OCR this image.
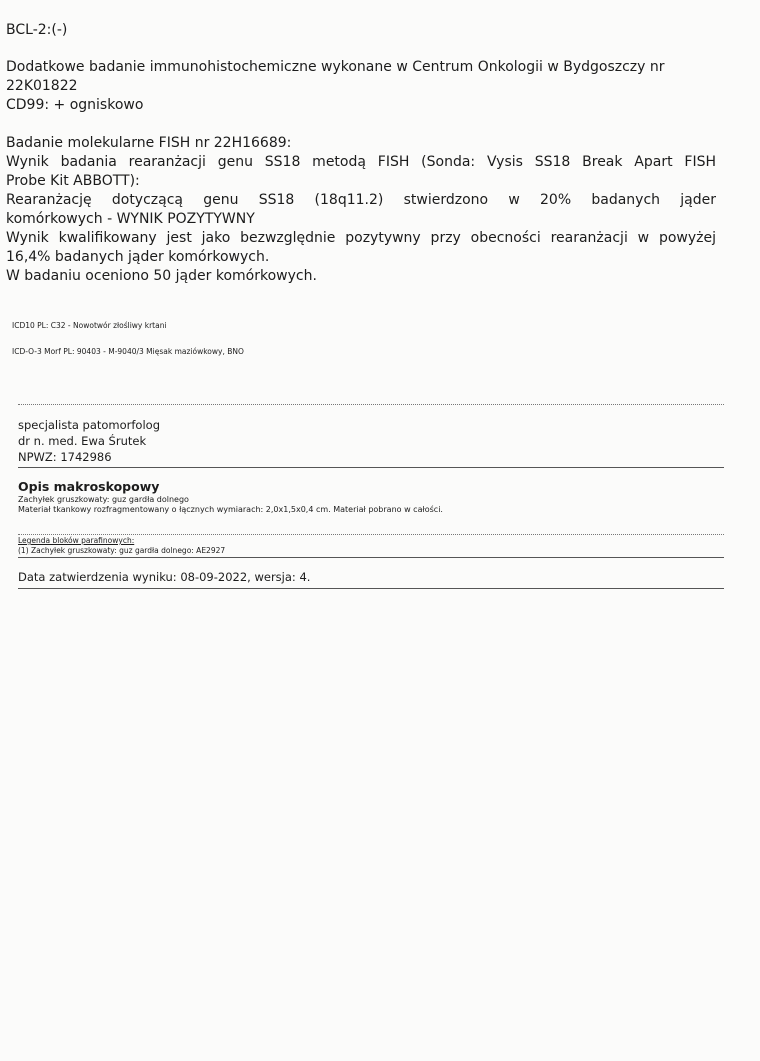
BCL-2:(-)
Dodatkowe badanie immunohistochemiczne wykonane w Centrum Onkologii w Bydgoszczy nr
22K01822
CD99: + ogniskowo
Badanie molekularne FISH nr 22H16689:
Wynik badania rearanżacji genu SS18 metodą FISH (Sonda: Vysis SS18 Break Apart FISH
Probe Kit ABBOTT):
Rearanżację dotyczącą genu SS18 (18q11.2) stwierdzono w 20% badanych jąder
komórkowych - WYNIK POZYTYWNY
Wynik kwalifikowany jest jako bezwzględnie pozytywny przy obecności rearanżacji w powyżej
16,4% badanych jąder komórkowych.
W badaniu oceniono 50 jąder komórkowych.
ICD10 PL: C32 - Nowotwór złośliwy krtani
ICD-O-3 Morf PL: 90403 - M-9040/3 Mięsak maziówkowy, BNO
specjalista patomorfolog
dr n. med. Ewa Śrutek
NPWZ: 1742986
Opis makroskopowy
Zachyłek gruszkowaty: guz gardła dolnego
Materiał tkankowy rozfragmentowany o łącznych wymiarach: 2,0x1,5x0,4 cm. Materiał pobrano w całości.
Legenda bloków parafinowych:
(1) Zachyłek gruszkowaty: guz gardła dolnego: AE2927
Data zatwierdzenia wyniku: 08-09-2022, wersja: 4.
